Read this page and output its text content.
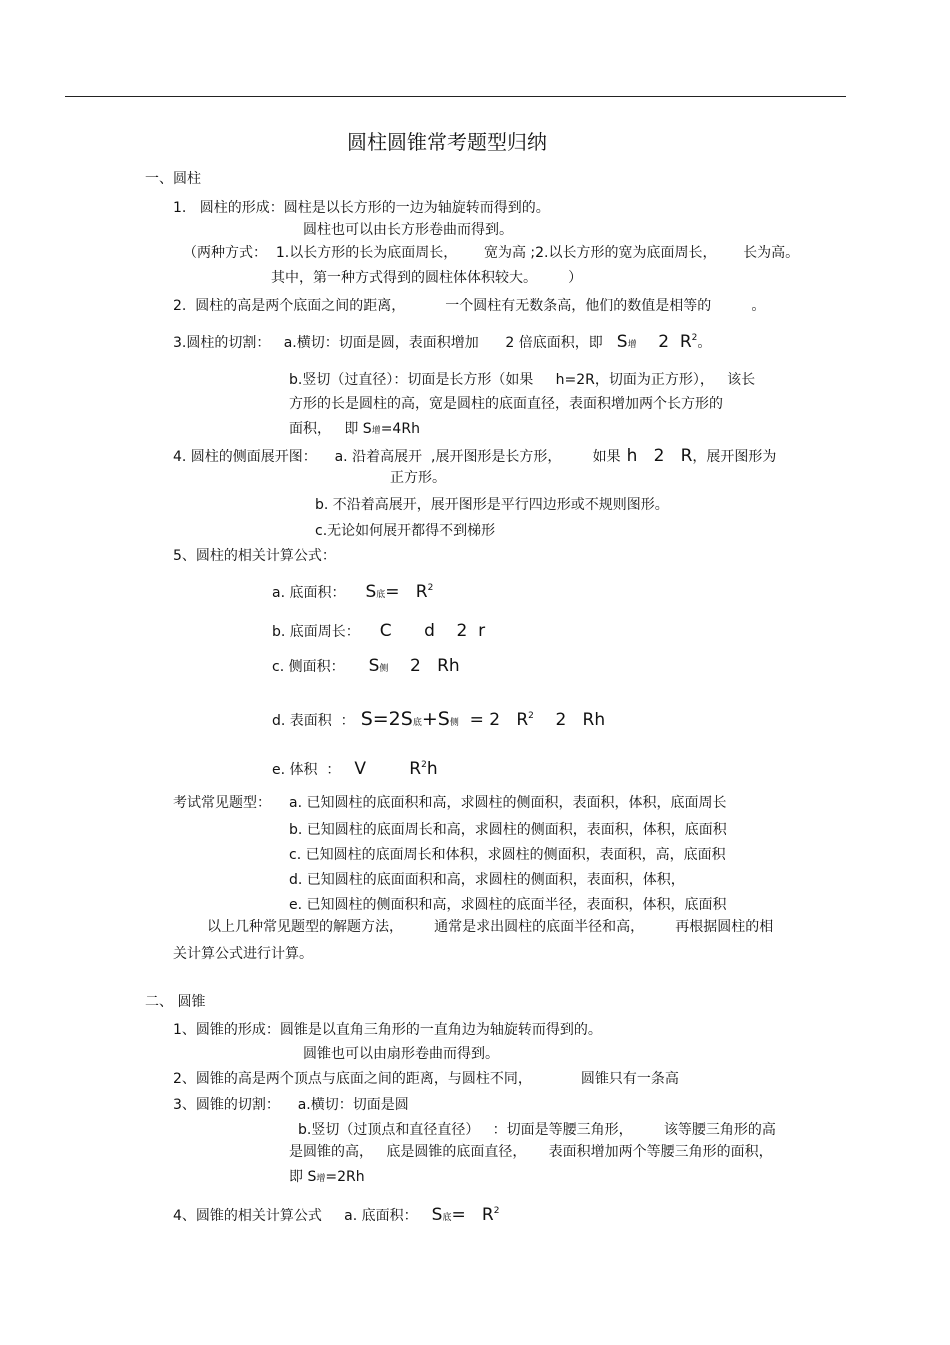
圆柱圆锥常考题型归纳
一、圆柱
1.   圆柱的形成：圆柱是以长方形的一边为轴旋转而得到的。
圆柱也可以由长方形卷曲而得到。
（两种方式：  1.以长方形的长为底面周长，      宽为高 ;2.以长方形的宽为底面周长，      长为高。
其中，第一种方式得到的圆柱体体积较大。       ）
2.  圆柱的高是两个底面之间的距离，         一个圆柱有无数条高，他们的数值是相等的         。
3.圆柱的切割：   a.横切：切面是圆，表面积增加      2 倍底面积，即 S增    2  $R^2$。
b.竖切（过直径）：切面是长方形（如果     h=2R，切面为正方形），   该长
方形的长是圆柱的高，宽是圆柱的底面直径，表面积增加两个长方形的
面积，   即 S增=4Rh
4. 圆柱的侧面展开图：    a. 沿着高展开  ,展开图形是长方形，       如果 h   2   R，展开图形为
正方形。
b. 不沿着高展开，展开图形是平行四边形或不规则图形。
c.无论如何展开都得不到梯形
5、圆柱的相关计算公式：
a. 底面积： S底=   $R^2$
b. 底面周长： C      d    2  r
c. 侧面积： S侧    2   Rh
d. 表面积  ： S=2S底+S侧  = 2   $R^2$    2   Rh
e. 体积  ： V        $R^2h$
考试常见题型： a. 已知圆柱的底面积和高，求圆柱的侧面积，表面积，体积，底面周长
b. 已知圆柱的底面周长和高，求圆柱的侧面积，表面积，体积，底面积
c. 已知圆柱的底面周长和体积，求圆柱的侧面积，表面积，高，底面积
d. 已知圆柱的底面面积和高，求圆柱的侧面积，表面积，体积，
e. 已知圆柱的侧面积和高，求圆柱的底面半径，表面积，体积，底面积
以上几种常见题型的解题方法，       通常是求出圆柱的底面半径和高，       再根据圆柱的相
关计算公式进行计算。
二、 圆锥
1、圆锥的形成：圆锥是以直角三角形的一直角边为轴旋转而得到的。
圆锥也可以由扇形卷曲而得到。
2、圆锥的高是两个顶点与底面之间的距离，与圆柱不同，           圆锥只有一条高
3、圆锥的切割：    a.横切：切面是圆
b.竖切（过顶点和直径直径）   ：切面是等腰三角形，       该等腰三角形的高
是圆锥的高，   底是圆锥的底面直径，     表面积增加两个等腰三角形的面积，
即 S增=2Rh
4、圆锥的相关计算公式     a. 底面积： S底=   $R^2$
